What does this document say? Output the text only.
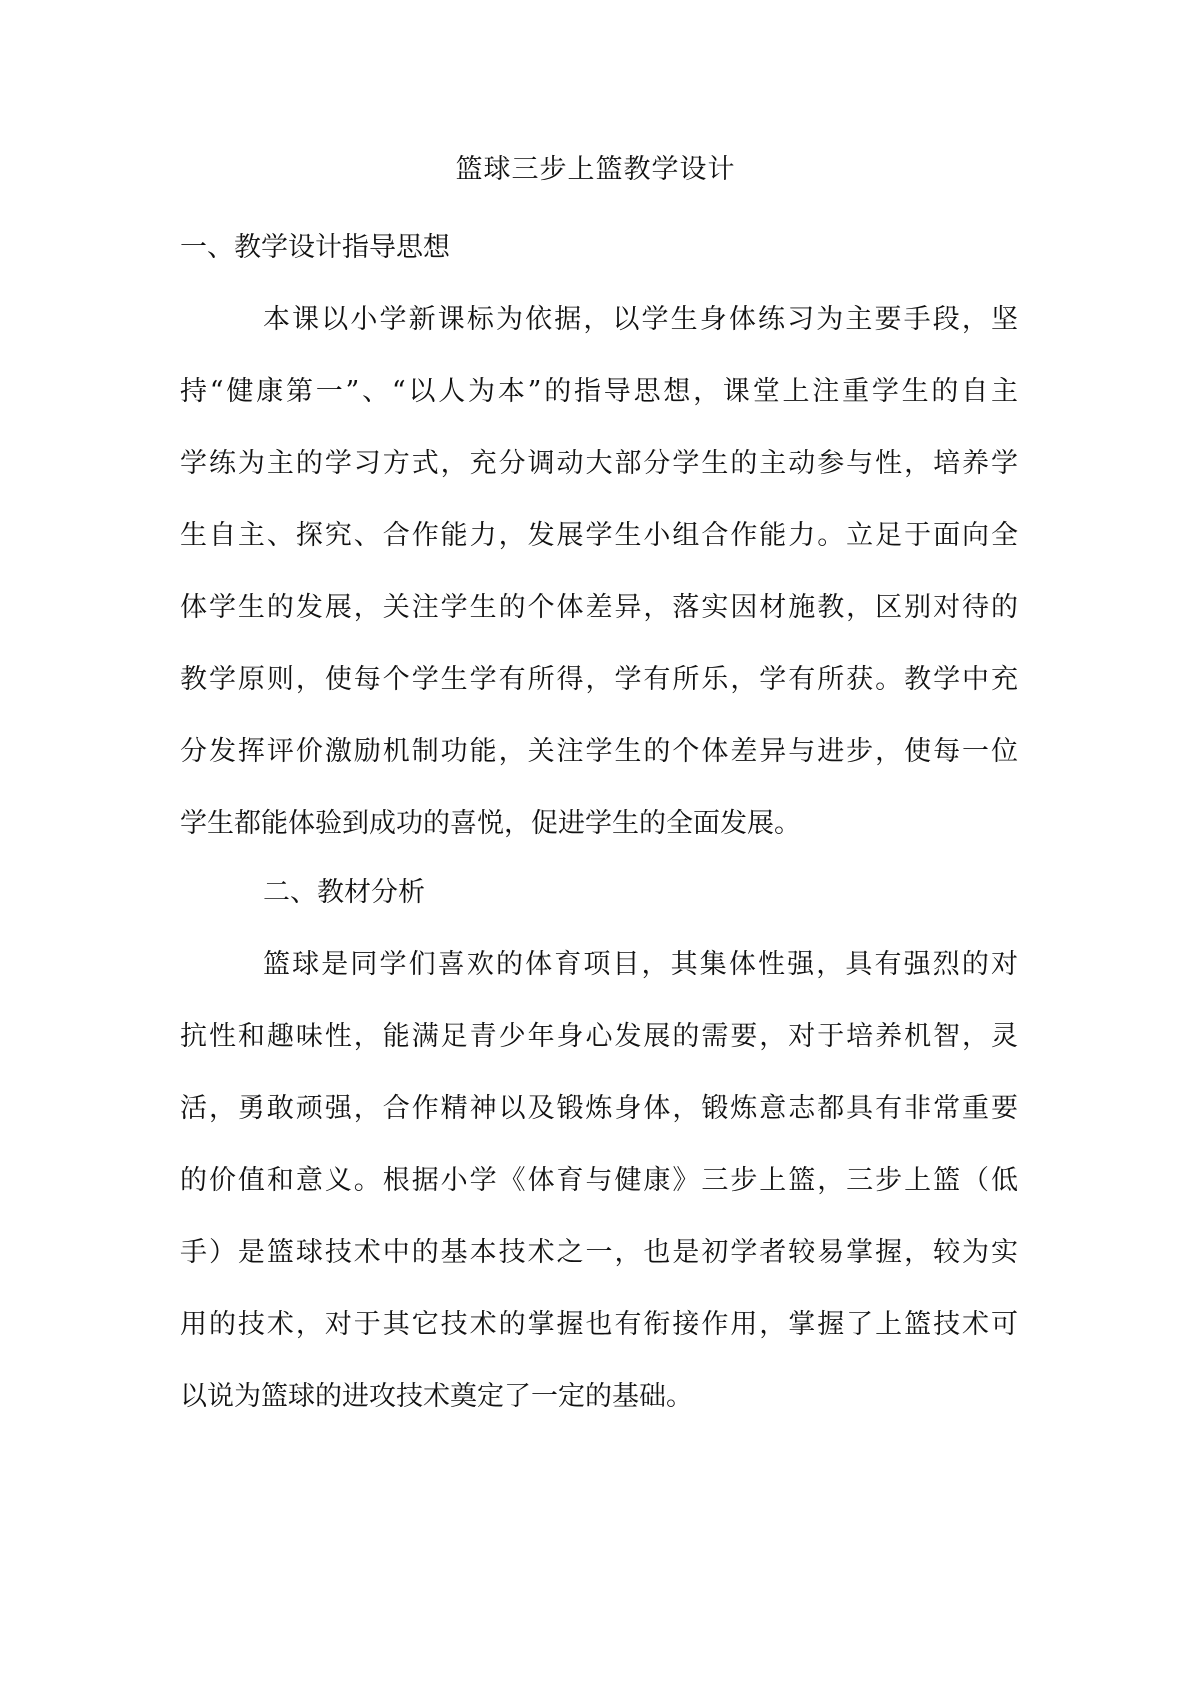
篮球三步上篮教学设计
一、教学设计指导思想
本课以小学新课标为依据，以学生身体练习为主要手段，坚
持“健康第一”、“以人为本”的指导思想，课堂上注重学生的自主
学练为主的学习方式，充分调动大部分学生的主动参与性，培养学
生自主、探究、合作能力，发展学生小组合作能力。立足于面向全
体学生的发展，关注学生的个体差异，落实因材施教，区别对待的
教学原则，使每个学生学有所得，学有所乐，学有所获。教学中充
分发挥评价激励机制功能，关注学生的个体差异与进步，使每一位
学生都能体验到成功的喜悦，促进学生的全面发展。
二、教材分析
篮球是同学们喜欢的体育项目，其集体性强，具有强烈的对
抗性和趣味性，能满足青少年身心发展的需要，对于培养机智，灵
活，勇敢顽强，合作精神以及锻炼身体，锻炼意志都具有非常重要
的价值和意义。根据小学《体育与健康》三步上篮，三步上篮（低
手）是篮球技术中的基本技术之一，也是初学者较易掌握，较为实
用的技术，对于其它技术的掌握也有衔接作用，掌握了上篮技术可
以说为篮球的进攻技术奠定了一定的基础。
